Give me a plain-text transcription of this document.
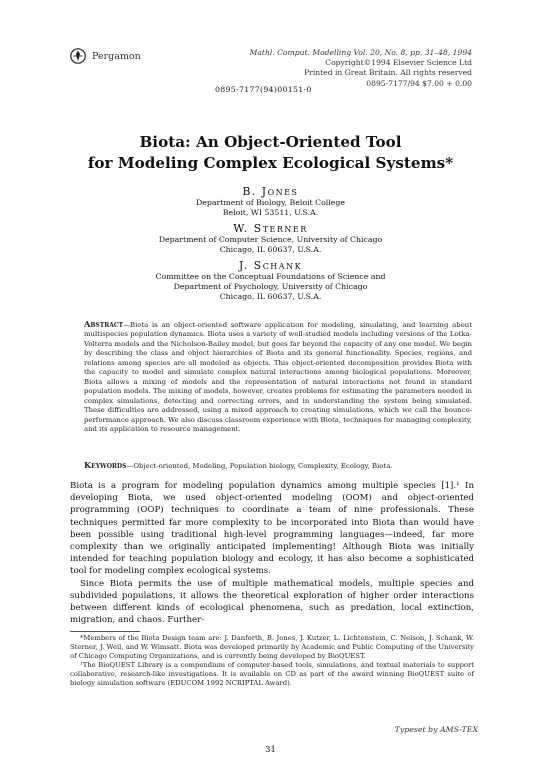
Pergamon	Mathl. Comput. Modelling Vol. 20, No. 8, pp. 31–48, 1994
Copyright©1994 Elsevier Science Ltd
Printed in Great Britain. All rights reserved
0895-7177/94 $7.00 + 0.00
0895-7177(94)00151-0
Biota: An Object-Oriented Tool
for Modeling Complex Ecological Systems*
B. Jones
Department of Biology, Beloit College
Beloit, WI 53511, U.S.A.
W. Sterner
Department of Computer Science, University of Chicago
Chicago, IL 60637, U.S.A.
J. Schank
Committee on the Conceptual Foundations of Science and
Department of Psychology, University of Chicago
Chicago, IL 60637, U.S.A.
Abstract—Biota is an object-oriented software application for modeling, simulating, and learning about multispecies population dynamics. Biota uses a variety of well-studied models including versions of the Lotka-Volterra models and the Nicholson-Bailey model, but goes far beyond the capacity of any one model. We begin by describing the class and object hierarchies of Biota and its general functionality. Species, regions, and relations among species are all modeled as objects. This object-oriented decomposition provides Biota with the capacity to model and simulate complex natural interactions among biological populations. Moreover, Biota allows a mixing of models and the representation of natural interactions not found in standard population models. The mixing of models, however, creates problems for estimating the parameters needed in complex simulations, detecting and correcting errors, and in understanding the system being simulated. These difficulties are addressed, using a mixed approach to creating simulations, which we call the bounce-performance approach. We also discuss classroom experience with Biota, techniques for managing complexity, and its application to resource management.
Keywords—Object-oriented, Modeling, Population biology, Complexity, Ecology, Biota.

Biota is a program for modeling population dynamics among multiple species [1].¹ In developing Biota, we used object-oriented modeling (OOM) and object-oriented programming (OOP) techniques to coordinate a team of nine professionals. These techniques permitted far more complexity to be incorporated into Biota than would have been possible using traditional high-level programming languages—indeed, far more complexity than we originally anticipated implementing! Although Biota was initially intended for teaching population biology and ecology, it has also become a sophisticated tool for modeling complex ecological systems.

Since Biota permits the use of multiple mathematical models, multiple species and subdivided populations, it allows the theoretical exploration of higher order interactions between different kinds of ecological phenomena, such as predation, local extinction, migration, and chaos. Further-

*Members of the Biota Design team are: J. Danforth, B. Jones, J. Kutzer, L. Lichtenstein, C. Nelson, J. Schank, W. Sterner, J. Weil, and W. Wimsatt. Biota was developed primarily by Academic and Public Computing of the University of Chicago Computing Organizations, and is currently being developed by BioQUEST.

¹The BioQUEST Library is a compendium of computer-based tools, simulations, and textual materials to support collaborative, research-like investigations. It is available on CD as part of the award winning BioQUEST suite of biology simulation software (EDUCOM 1992 NCRIPTAL Award).

Typeset by AMS-TEX
31
